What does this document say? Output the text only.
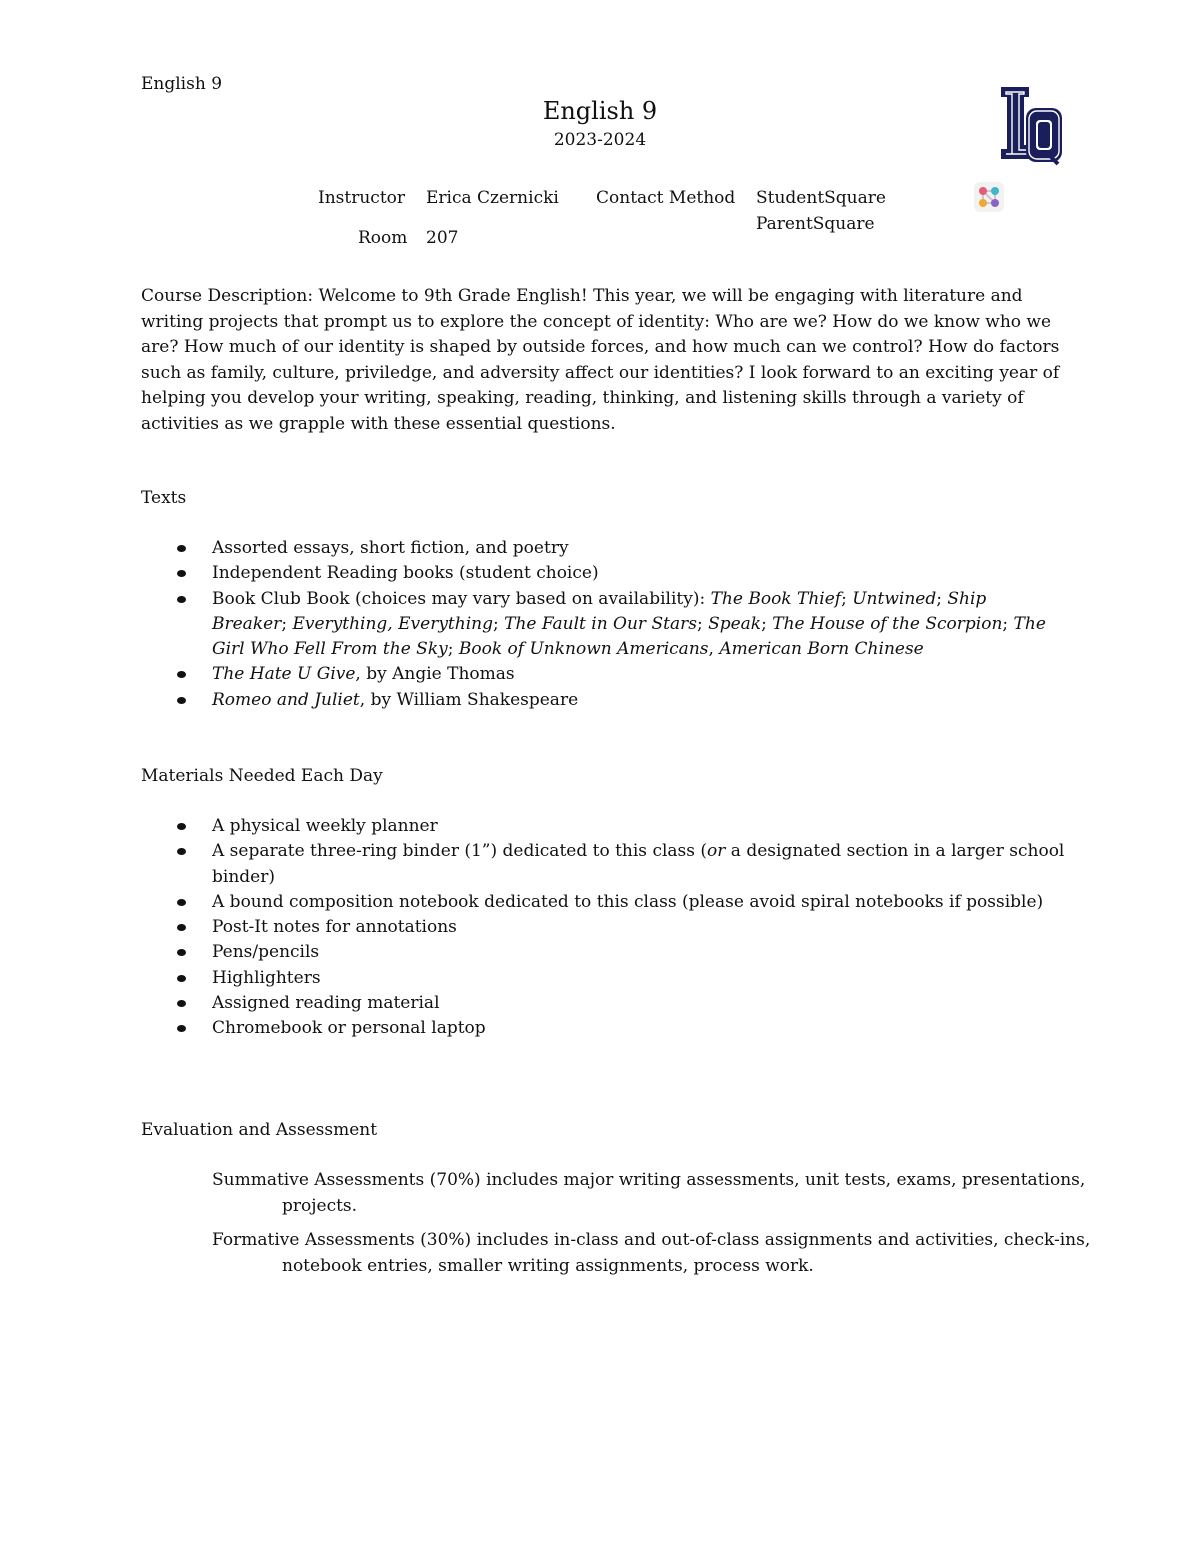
English 9
English 9
2023-2024
Instructor Erica Czernicki
Room 207
Contact Method StudentSquare
ParentSquare
Course Description: Welcome to 9th Grade English! This year, we will be engaging with literature and writing projects that prompt us to explore the concept of identity: Who are we? How do we know who we are? How much of our identity is shaped by outside forces, and how much can we control? How do factors such as family, culture, priviledge, and adversity affect our identities? I look forward to an exciting year of helping you develop your writing, speaking, reading, thinking, and listening skills through a variety of activities as we grapple with these essential questions.
Texts
Assorted essays, short fiction, and poetry
Independent Reading books (student choice)
Book Club Book (choices may vary based on availability): The Book Thief; Untwined; Ship Breaker; Everything, Everything; The Fault in Our Stars; Speak; The House of the Scorpion; The Girl Who Fell From the Sky; Book of Unknown Americans, American Born Chinese
The Hate U Give, by Angie Thomas
Romeo and Juliet, by William Shakespeare
Materials Needed Each Day
A physical weekly planner
A separate three-ring binder (1”) dedicated to this class (or a designated section in a larger school binder)
A bound composition notebook dedicated to this class (please avoid spiral notebooks if possible)
Post-It notes for annotations
Pens/pencils
Highlighters
Assigned reading material
Chromebook or personal laptop
Evaluation and Assessment
Summative Assessments (70%) includes major writing assessments, unit tests, exams, presentations, projects.
Formative Assessments (30%) includes in-class and out-of-class assignments and activities, check-ins, notebook entries, smaller writing assignments, process work.
